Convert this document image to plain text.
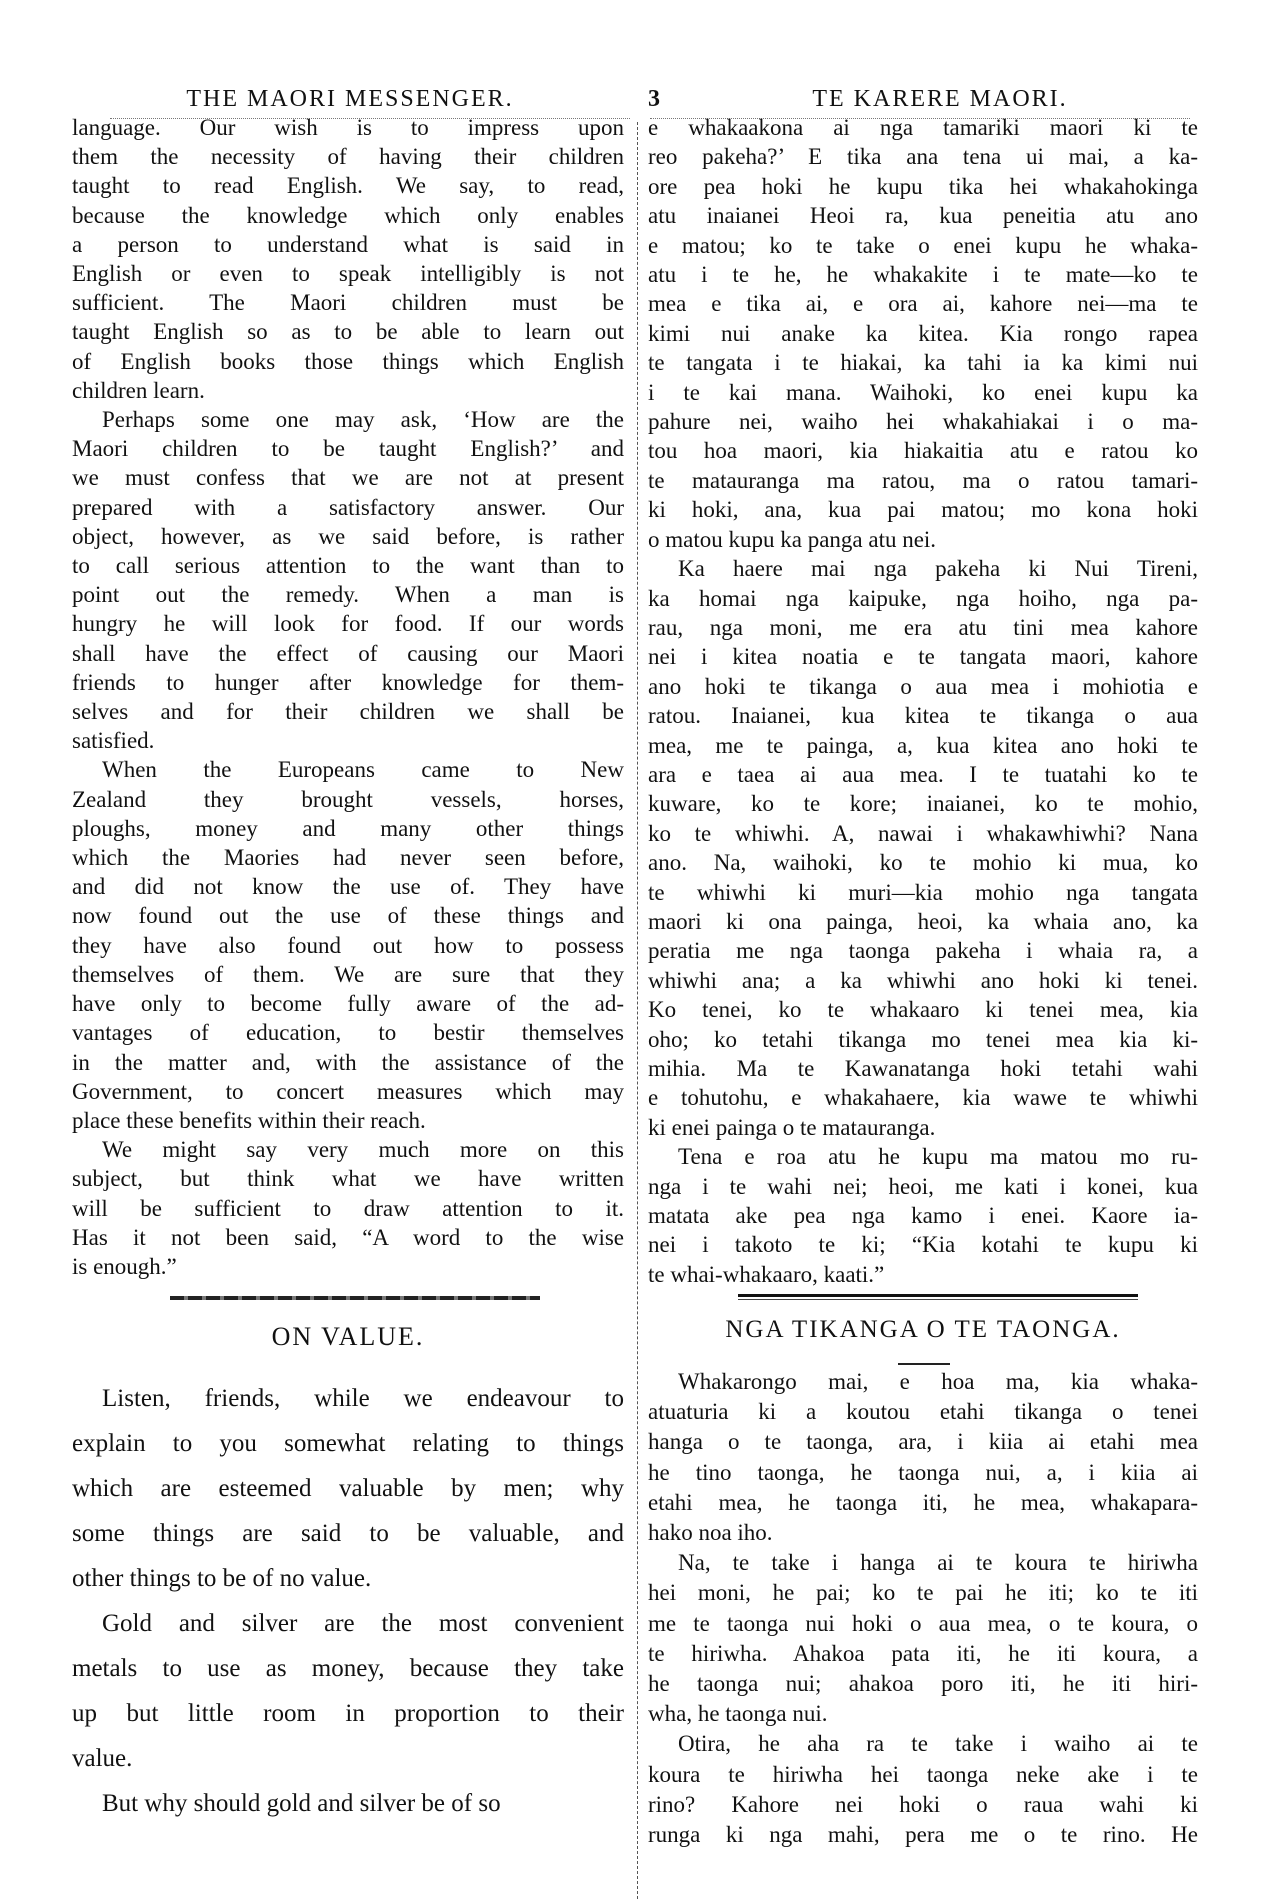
THE MAORI MESSENGER.	3	TE KARERE MAORI.
language. Our wish is to impress upon
them the necessity of having their children
taught to read English. We say, to read,
because the knowledge which only enables
a person to understand what is said in
English or even to speak intelligibly is not
sufficient. The Maori children must be
taught English so as to be able to learn out
of English books those things which English
children learn.
Perhaps some one may ask, ‘How are the
Maori children to be taught English?’ and
we must confess that we are not at present
prepared with a satisfactory answer. Our
object, however, as we said before, is rather
to call serious attention to the want than to
point out the remedy. When a man is
hungry he will look for food. If our words
shall have the effect of causing our Maori
friends to hunger after knowledge for them-
selves and for their children we shall be
satisfied.
When the Europeans came to New
Zealand they brought vessels, horses,
ploughs, money and many other things
which the Maories had never seen before,
and did not know the use of. They have
now found out the use of these things and
they have also found out how to possess
themselves of them. We are sure that they
have only to become fully aware of the ad-
vantages of education, to bestir themselves
in the matter and, with the assistance of the
Government, to concert measures which may
place these benefits within their reach.
We might say very much more on this
subject, but think what we have written
will be sufficient to draw attention to it.
Has it not been said, “A word to the wise
is enough.”
e whakaakona ai nga tamariki maori ki te
reo pakeha?’ E tika ana tena ui mai, a ka-
ore pea hoki he kupu tika hei whakahokinga
atu inaianei Heoi ra, kua peneitia atu ano
e matou; ko te take o enei kupu he whaka-
atu i te he, he whakakite i te mate—ko te
mea e tika ai, e ora ai, kahore nei—ma te
kimi nui anake ka kitea. Kia rongo rapea
te tangata i te hiakai, ka tahi ia ka kimi nui
i te kai mana. Waihoki, ko enei kupu ka
pahure nei, waiho hei whakahiakai i o ma-
tou hoa maori, kia hiakaitia atu e ratou ko
te matauranga ma ratou, ma o ratou tamari-
ki hoki, ana, kua pai matou; mo kona hoki
o matou kupu ka panga atu nei.
Ka haere mai nga pakeha ki Nui Tireni,
ka homai nga kaipuke, nga hoiho, nga pa-
rau, nga moni, me era atu tini mea kahore
nei i kitea noatia e te tangata maori, kahore
ano hoki te tikanga o aua mea i mohiotia e
ratou. Inaianei, kua kitea te tikanga o aua
mea, me te painga, a, kua kitea ano hoki te
ara e taea ai aua mea. I te tuatahi ko te
kuware, ko te kore; inaianei, ko te mohio,
ko te whiwhi. A, nawai i whakawhiwhi? Nana
ano. Na, waihoki, ko te mohio ki mua, ko
te whiwhi ki muri—kia mohio nga tangata
maori ki ona painga, heoi, ka whaia ano, ka
peratia me nga taonga pakeha i whaia ra, a
whiwhi ana; a ka whiwhi ano hoki ki tenei.
Ko tenei, ko te whakaaro ki tenei mea, kia
oho; ko tetahi tikanga mo tenei mea kia ki-
mihia. Ma te Kawanatanga hoki tetahi wahi
e tohutohu, e whakahaere, kia wawe te whiwhi
ki enei painga o te matauranga.
Tena e roa atu he kupu ma matou mo ru-
nga i te wahi nei; heoi, me kati i konei, kua
matata ake pea nga kamo i enei. Kaore ia-
nei i takoto te ki; “Kia kotahi te kupu ki
te whai-whakaaro, kaati.”
ON VALUE.
Listen, friends, while we endeavour to
explain to you somewhat relating to things
which are esteemed valuable by men; why
some things are said to be valuable, and
other things to be of no value.
Gold and silver are the most convenient
metals to use as money, because they take
up but little room in proportion to their
value.
But why should gold and silver be of so
NGA TIKANGA O TE TAONGA.
Whakarongo mai, e hoa ma, kia whaka-
atuaturia ki a koutou etahi tikanga o tenei
hanga o te taonga, ara, i kiia ai etahi mea
he tino taonga, he taonga nui, a, i kiia ai
etahi mea, he taonga iti, he mea, whakapara-
hako noa iho.
Na, te take i hanga ai te koura te hiriwha
hei moni, he pai; ko te pai he iti; ko te iti
me te taonga nui hoki o aua mea, o te koura, o
te hiriwha. Ahakoa pata iti, he iti koura, a
he taonga nui; ahakoa poro iti, he iti hiri-
wha, he taonga nui.
Otira, he aha ra te take i waiho ai te
koura te hiriwha hei taonga neke ake i te
rino? Kahore nei hoki o raua wahi ki
runga ki nga mahi, pera me o te rino. He
